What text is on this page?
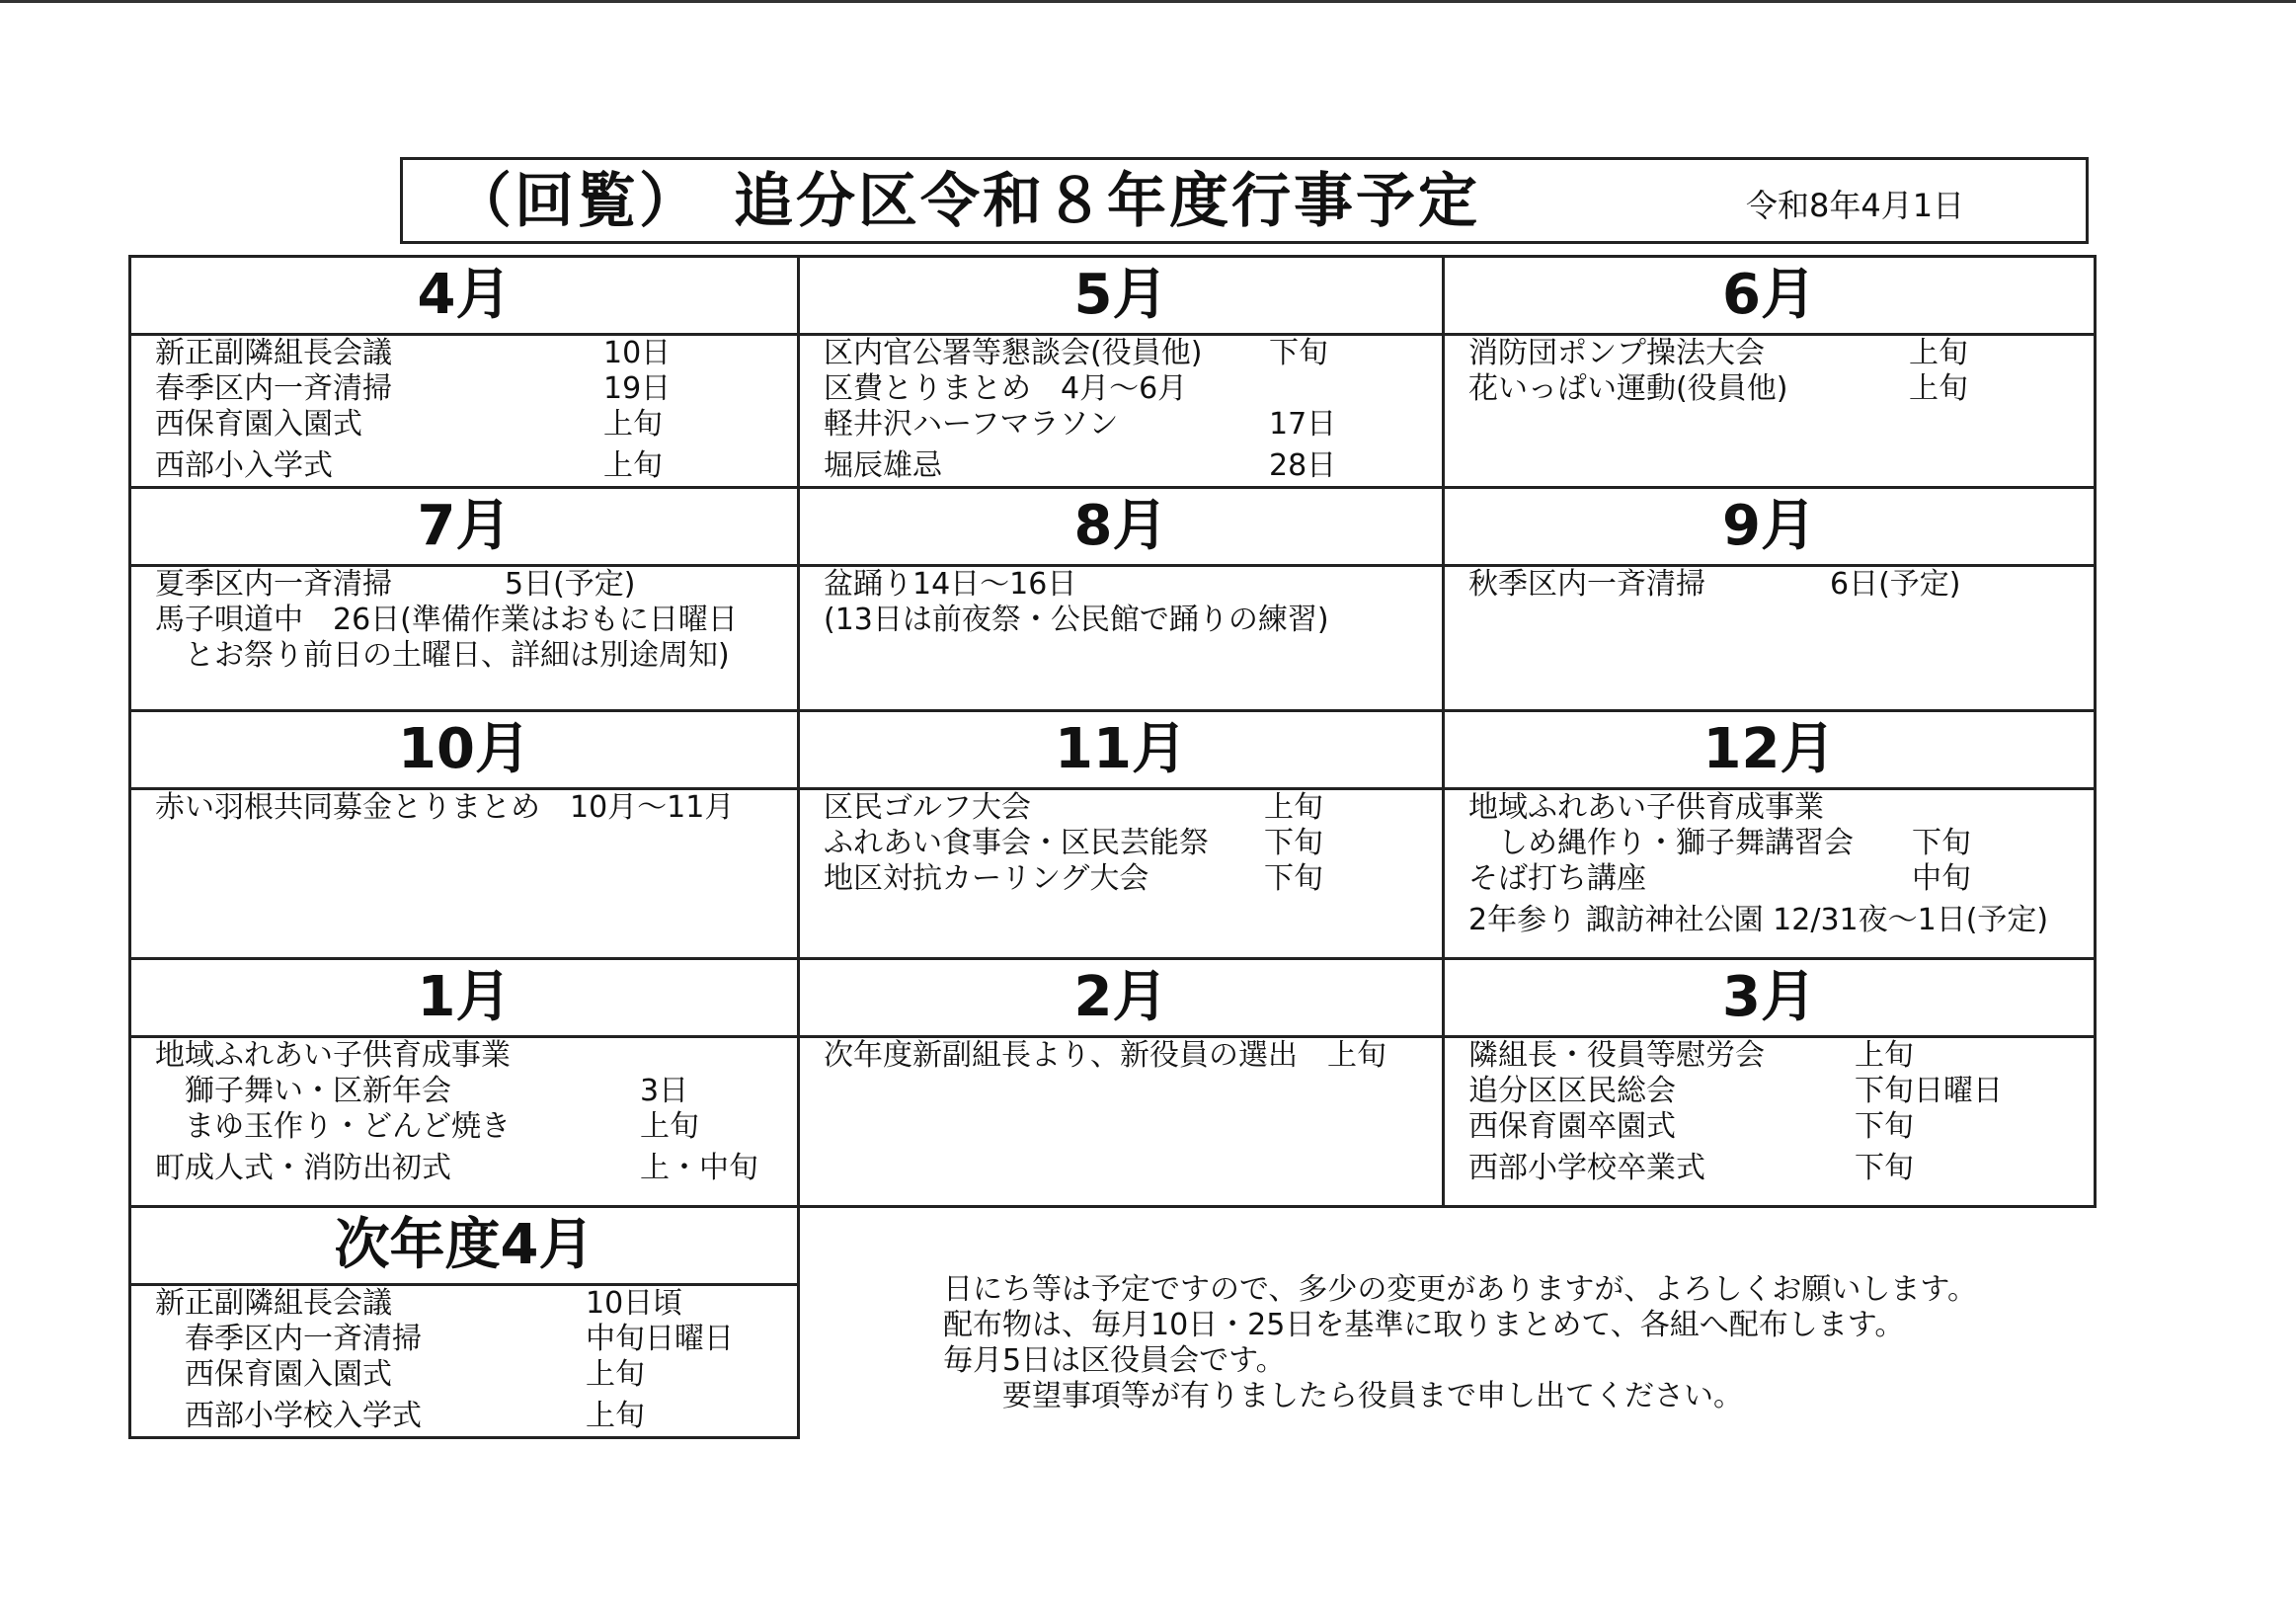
（回覧）　追分区令和８年度行事予定	令和8年4月1日
4月
新正副隣組長会議	10日
春季区内一斉清掃	19日
西保育園入園式	上旬
西部小入学式	上旬
5月
区内官公署等懇談会(役員他) 下旬
区費とりまとめ　4月～6月
軽井沢ハーフマラソン	17日
堀辰雄忌	28日
6月
消防団ポンプ操法大会	上旬
花いっぱい運動(役員他)	上旬
7月
夏季区内一斉清掃	5日(予定)
馬子唄道中　26日(準備作業はおもに日曜日
　とお祭り前日の土曜日、詳細は別途周知)
8月
盆踊り14日～16日
(13日は前夜祭・公民館で踊りの練習)
9月
秋季区内一斉清掃	6日(予定)
10月
赤い羽根共同募金とりまとめ　10月～11月
11月
区民ゴルフ大会	上旬
ふれあい食事会・区民芸能祭 下旬
地区対抗カーリング大会	下旬
12月
地域ふれあい子供育成事業
　しめ縄作り・獅子舞講習会 下旬
そば打ち講座	中旬
2年参り 諏訪神社公園 12/31夜～1日(予定)
1月
地域ふれあい子供育成事業
　獅子舞い・区新年会	3日
　まゆ玉作り・どんど焼き	上旬
町成人式・消防出初式	上・中旬
2月
次年度新副組長より、新役員の選出　上旬
3月
隣組長・役員等慰労会	上旬
追分区区民総会	下旬日曜日
西保育園卒園式	下旬
西部小学校卒業式	下旬
次年度4月
新正副隣組長会議	10日頃
　春季区内一斉清掃	中旬日曜日
　西保育園入園式	上旬
　西部小学校入学式	上旬
日にち等は予定ですので、多少の変更がありますが、よろしくお願いします。
配布物は、毎月10日・25日を基準に取りまとめて、各組へ配布します。
毎月5日は区役員会です。
　　要望事項等が有りましたら役員まで申し出てください。
